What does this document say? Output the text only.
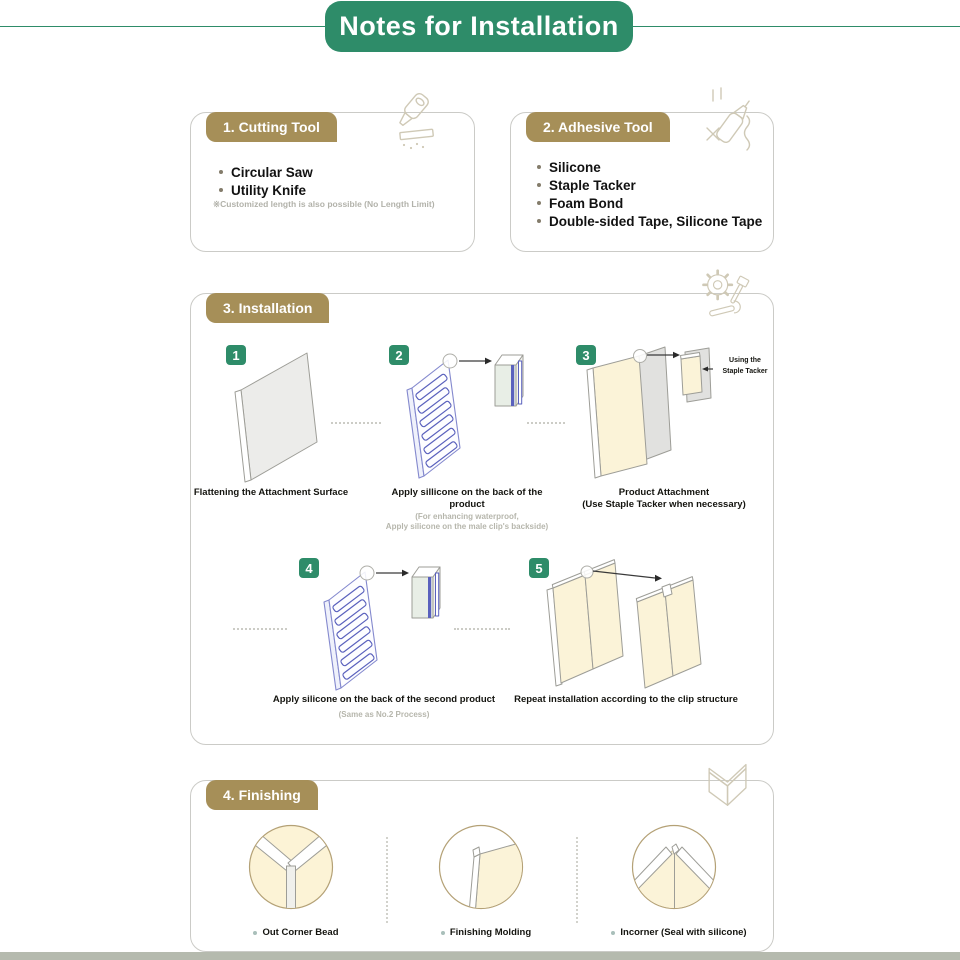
Notes for Installation
1. Cutting Tool
Circular Saw
Utility Knife
※Customized length is also possible (No Length Limit)
2. Adhesive Tool
Silicone
Staple Tacker
Foam Bond
Double-sided Tape, Silicone Tape
3. Installation
1	2	3
4	5
Using the
Staple Tacker
Flattening the Attachment Surface	Apply sillicone on the back of the product
(For enhancing waterproof,
Apply silicone on the male clip's backside)
Product Attachment
(Use Staple Tacker when necessary)
Apply silicone on the back of the second product
(Same as No.2 Process)
Repeat installation according to the clip structure
4. Finishing
Out Corner Bead	Finishing Molding	Incorner (Seal with silicone)
